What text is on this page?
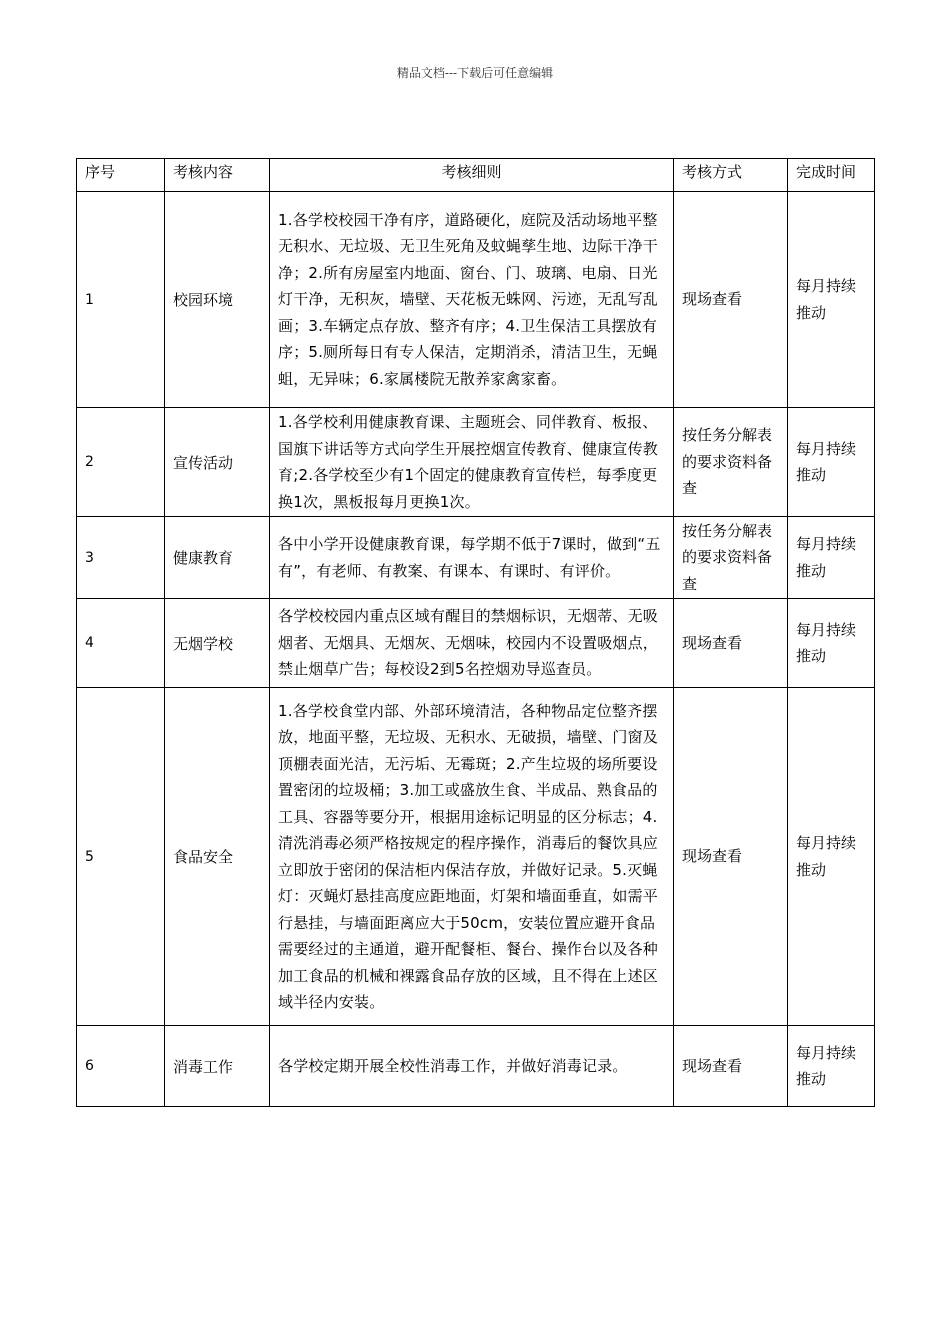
精品文档---下载后可任意编辑
序号	考核内容	考核细则	考核方式	完成时间
1	校园环境	1.各学校校园干净有序，道路硬化，庭院及活动场地平整无积水、无垃圾、无卫生死角及蚊蝇孳生地、边际干净干净；2.所有房屋室内地面、窗台、门、玻璃、电扇、日光灯干净，无积灰，墙壁、天花板无蛛网、污迹，无乱写乱画；3.车辆定点存放、整齐有序；4.卫生保洁工具摆放有序；5.厕所每日有专人保洁，定期消杀，清洁卫生，无蝇蛆，无异味；6.家属楼院无散养家禽家畜。	现场查看	每月持续推动
2	宣传活动	1.各学校利用健康教育课、主题班会、同伴教育、板报、国旗下讲话等方式向学生开展控烟宣传教育、健康宣传教育;2.各学校至少有1个固定的健康教育宣传栏，每季度更换1次，黑板报每月更换1次。	按任务分解表的要求资料备查	每月持续推动
3	健康教育	各中小学开设健康教育课，每学期不低于7课时，做到“五有”，有老师、有教案、有课本、有课时、有评价。	按任务分解表的要求资料备查	每月持续推动
4	无烟学校	各学校校园内重点区域有醒目的禁烟标识，无烟蒂、无吸烟者、无烟具、无烟灰、无烟味，校园内不设置吸烟点，禁止烟草广告；每校设2到5名控烟劝导巡查员。	现场查看	每月持续推动
5	食品安全	1.各学校食堂内部、外部环境清洁，各种物品定位整齐摆放，地面平整，无垃圾、无积水、无破损，墙壁、门窗及顶棚表面光洁，无污垢、无霉斑；2.产生垃圾的场所要设置密闭的垃圾桶；3.加工或盛放生食、半成品、熟食品的工具、容器等要分开，根据用途标记明显的区分标志；4.清洗消毒必须严格按规定的程序操作，消毒后的餐饮具应立即放于密闭的保洁柜内保洁存放，并做好记录。5.灭蝇灯：灭蝇灯悬挂高度应距地面，灯架和墙面垂直，如需平行悬挂，与墙面距离应大于50cm，安装位置应避开食品需要经过的主通道，避开配餐柜、餐台、操作台以及各种加工食品的机械和裸露食品存放的区域，且不得在上述区域半径内安装。	现场查看	每月持续推动
6	消毒工作	各学校定期开展全校性消毒工作，并做好消毒记录。	现场查看	每月持续推动
